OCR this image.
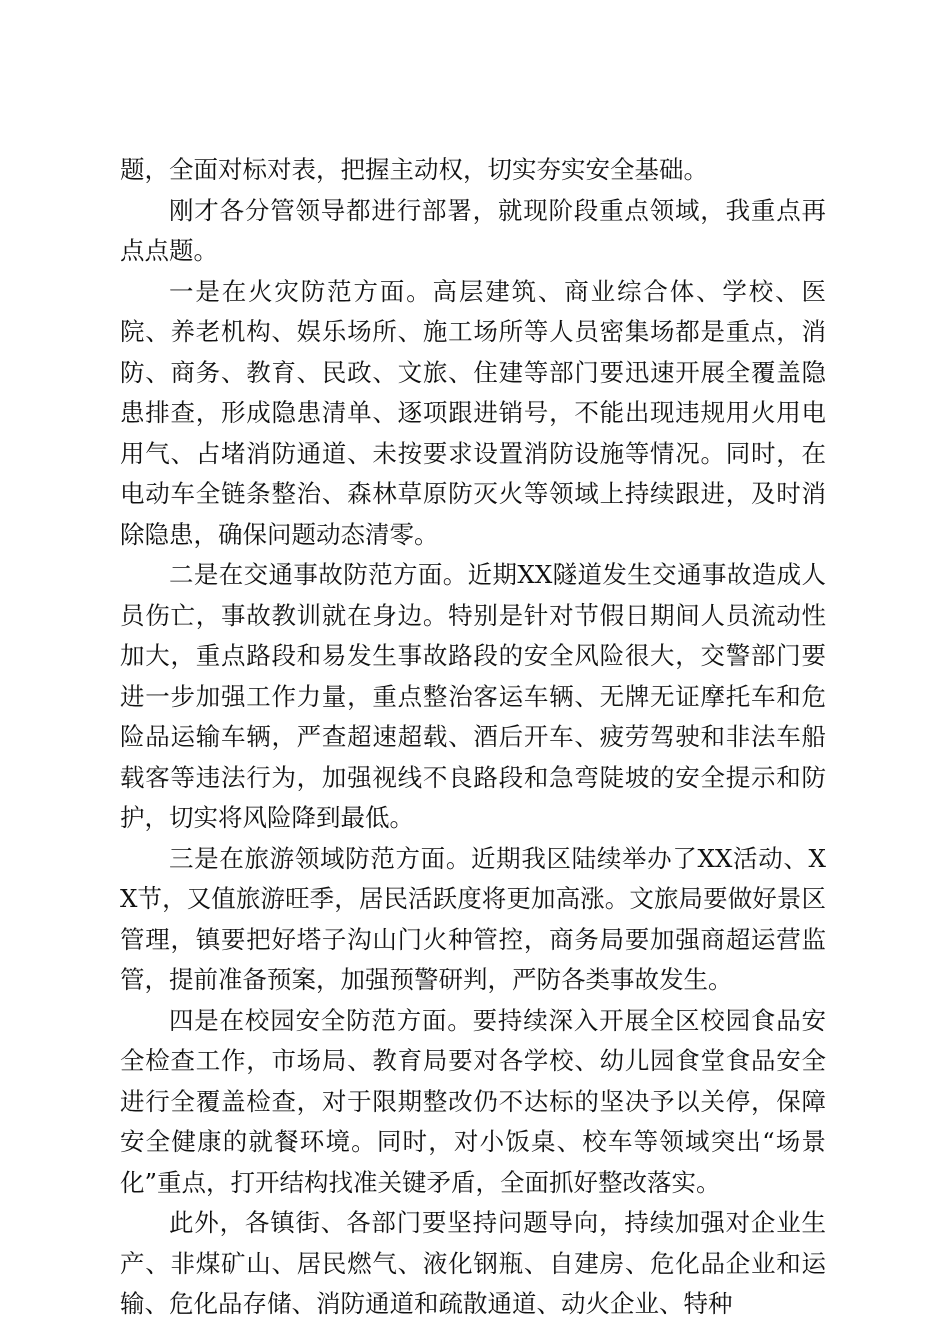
题，全面对标对表，把握主动权，切实夯实安全基础。

刚才各分管领导都进行部署，就现阶段重点领域，我重点再点点题。

一是在火灾防范方面。高层建筑、商业综合体、学校、医院、养老机构、娱乐场所、施工场所等人员密集场都是重点，消防、商务、教育、民政、文旅、住建等部门要迅速开展全覆盖隐患排查，形成隐患清单、逐项跟进销号，不能出现违规用火用电用气、占堵消防通道、未按要求设置消防设施等情况。同时，在电动车全链条整治、森林草原防灭火等领域上持续跟进，及时消除隐患，确保问题动态清零。

二是在交通事故防范方面。近期XX隧道发生交通事故造成人员伤亡，事故教训就在身边。特别是针对节假日期间人员流动性加大，重点路段和易发生事故路段的安全风险很大，交警部门要进一步加强工作力量，重点整治客运车辆、无牌无证摩托车和危险品运输车辆，严查超速超载、酒后开车、疲劳驾驶和非法车船载客等违法行为，加强视线不良路段和急弯陡坡的安全提示和防护，切实将风险降到最低。

三是在旅游领域防范方面。近期我区陆续举办了XX活动、XX节，又值旅游旺季，居民活跃度将更加高涨。文旅局要做好景区管理，镇要把好塔子沟山门火种管控，商务局要加强商超运营监管，提前准备预案，加强预警研判，严防各类事故发生。

四是在校园安全防范方面。要持续深入开展全区校园食品安全检查工作，市场局、教育局要对各学校、幼儿园食堂食品安全进行全覆盖检查，对于限期整改仍不达标的坚决予以关停，保障安全健康的就餐环境。同时，对小饭桌、校车等领域突出“场景化”重点，打开结构找准关键矛盾，全面抓好整改落实。

此外，各镇街、各部门要坚持问题导向，持续加强对企业生产、非煤矿山、居民燃气、液化钢瓶、自建房、危化品企业和运输、危化品存储、消防通道和疏散通道、动火企业、特种
